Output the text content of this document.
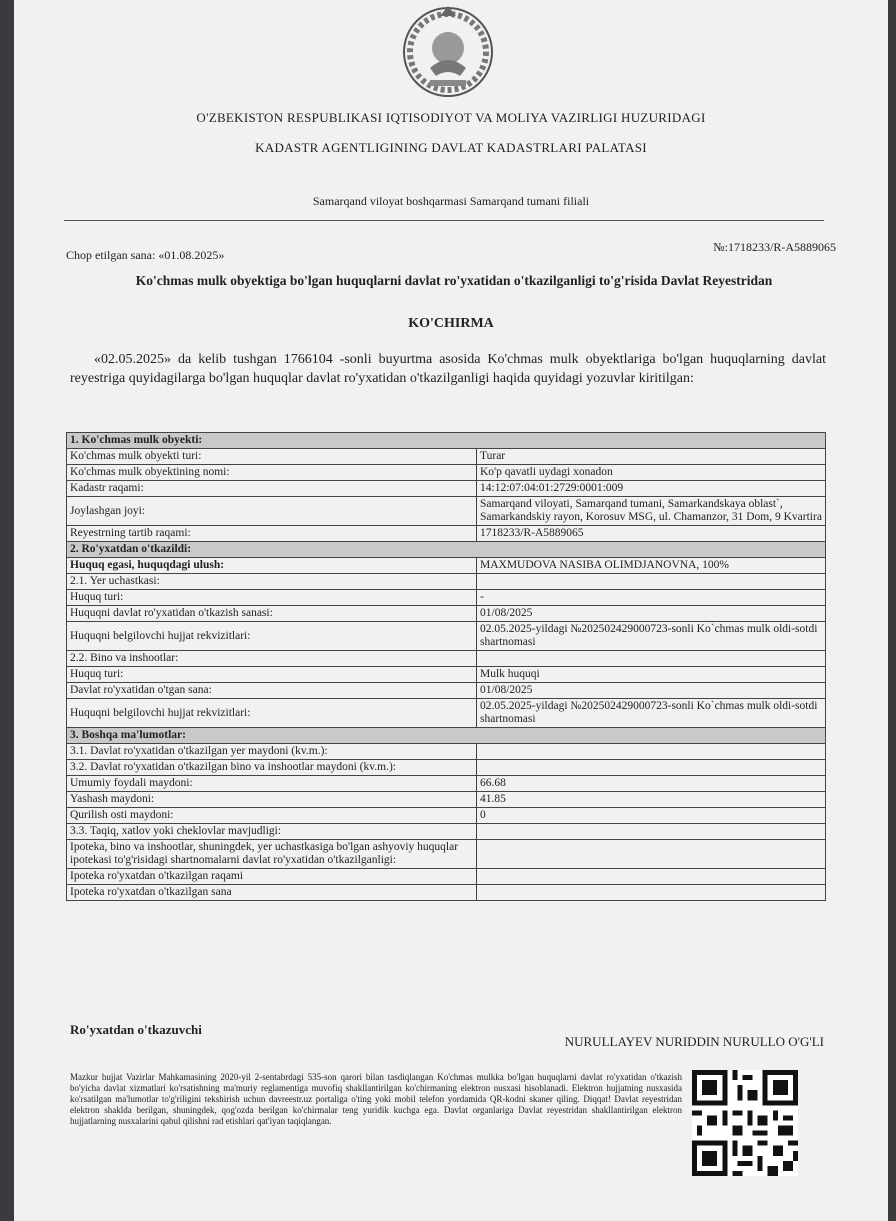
O'ZBEKISTON RESPUBLIKASI IQTISODIYOT VA MOLIYA VAZIRLIGI HUZURIDAGI
KADASTR AGENTLIGINING DAVLAT KADASTRLARI PALATASI
Samarqand viloyat boshqarmasi Samarqand tumani filiali
Chop etilgan sana: «01.08.2025»
№:1718233/R-A5889065
Ko'chmas mulk obyektiga bo'lgan huquqlarni davlat ro'yxatidan o'tkazilganligi to'g'risida Davlat Reyestridan
KO'CHIRMA
«02.05.2025» da kelib tushgan 1766104 -sonli buyurtma asosida Ko'chmas mulk obyektlariga bo'lgan huquqlarning davlat reyestriga quyidagilarga bo'lgan huquqlar davlat ro'yxatidan o'tkazilganligi haqida quyidagi yozuvlar kiritilgan:
1. Ko'chmas mulk obyekti:	
Ko'chmas mulk obyekti turi:	Turar
Ko'chmas mulk obyektining nomi:	Ko'p qavatli uydagi xonadon
Kadastr raqami:	14:12:07:04:01:2729:0001:009
Joylashgan joyi:	Samarqand viloyati, Samarqand tumani, Samarkandskaya oblast`, Samarkandskiy rayon, Korosuv MSG, ul. Chamanzor, 31 Dom, 9 Kvartira
Reyestrning tartib raqami:	1718233/R-A5889065
2. Ro'yxatdan o'tkazildi:	
Huquq egasi, huquqdagi ulush:	MAXMUDOVA NASIBA OLIMDJANOVNA, 100%
2.1. Yer uchastkasi:	
Huquq turi:	-
Huquqni davlat ro'yxatidan o'tkazish sanasi:	01/08/2025
Huquqni belgilovchi hujjat rekvizitlari:	02.05.2025-yildagi №202502429000723-sonli Ko`chmas mulk oldi-sotdi shartnomasi
2.2. Bino va inshootlar:	
Huquq turi:	Mulk huquqi
Davlat ro'yxatidan o'tgan sana:	01/08/2025
Huquqni belgilovchi hujjat rekvizitlari:	02.05.2025-yildagi №202502429000723-sonli Ko`chmas mulk oldi-sotdi shartnomasi
3. Boshqa ma'lumotlar:	
3.1. Davlat ro'yxatidan o'tkazilgan yer maydoni (kv.m.):	
3.2. Davlat ro'yxatidan o'tkazilgan bino va inshootlar maydoni (kv.m.):	
Umumiy foydali maydoni:	66.68
Yashash maydoni:	41.85
Qurilish osti maydoni:	0
3.3. Taqiq, xatlov yoki cheklovlar mavjudligi:	
Ipoteka, bino va inshootlar, shuningdek, yer uchastkasiga bo'lgan ashyoviy huquqlar ipotekasi to'g'risidagi shartnomalarni davlat ro'yxatidan o'tkazilganligi:	
Ipoteka ro'yxatdan o'tkazilgan raqami	
Ipoteka ro'yxatdan o'tkazilgan sana	
Ro'yxatdan o'tkazuvchi
NURULLAYEV NURIDDIN NURULLO O'G'LI
Mazkur hujjat Vazirlar Mahkamasining 2020-yil 2-sentabrdagi 535-son qarori bilan tasdiqlangan Ko'chmas mulkka bo'lgan huquqlarni davlat ro'yxatidan o'tkazish bo'yicha davlat xizmatlari ko'rsatishning ma'muriy reglamentiga muvofiq shakllantirilgan ko'chirmaning elektron nusxasi hisoblanadi. Elektron hujjatning nusxasida ko'rsatilgan ma'lumotlar to'g'riligini tekshirish uchun davreestr.uz portaliga o'ting yoki mobil telefon yordamida QR-kodni skaner qiling. Diqqat! Davlat reyestridan elektron shaklda berilgan, shuningdek, qog'ozda berilgan ko'chirmalar teng yuridik kuchga ega. Davlat organlariga Davlat reyestridan shakllantirilgan elektron hujjatlarning nusxalarini qabul qilishni rad etishlari qat'iyan taqiqlangan.
